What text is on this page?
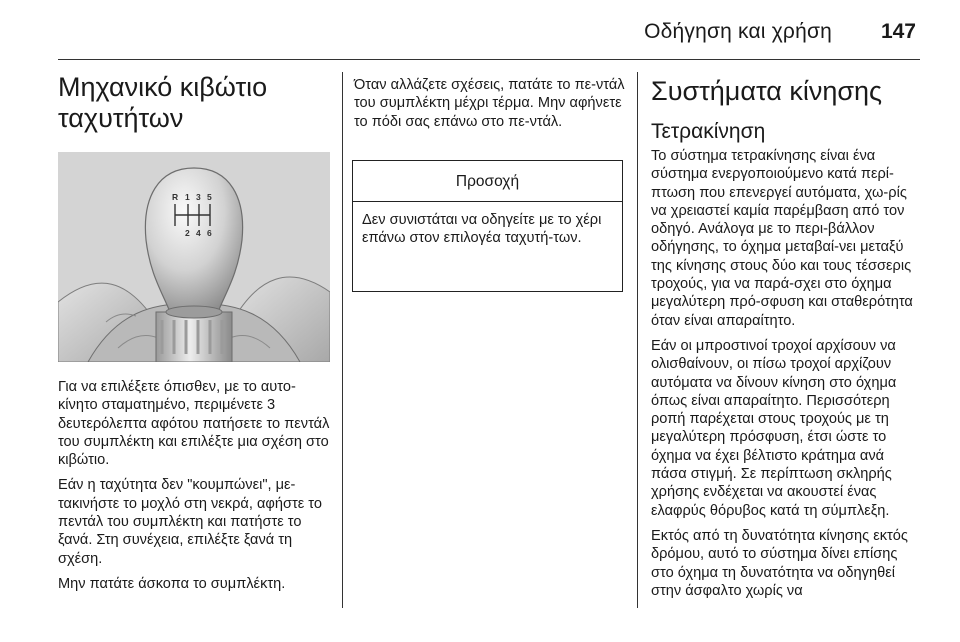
Οδήγηση και χρήση 147
Μηχανικό κιβώτιο
ταχυτήτων
R 1 3 5
2 4 6

Για να επιλέξετε όπισθεν, με το αυτο-κίνητο σταματημένο, περιμένετε 3 δευτερόλεπτα αφότου πατήσετε το πεντάλ του συμπλέκτη και επιλέξτε μια σχέση στο κιβώτιο.

Εάν η ταχύτητα δεν "κουμπώνει", με-τακινήστε το μοχλό στη νεκρά, αφήστε το πεντάλ του συμπλέκτη και πατήστε το ξανά. Στη συνέχεια, επιλέξτε ξανά τη σχέση.

Μην πατάτε άσκοπα το συμπλέκτη.

Όταν αλλάζετε σχέσεις, πατάτε το πε-ντάλ του συμπλέκτη μέχρι τέρμα. Μην αφήνετε το πόδι σας επάνω στο πε-ντάλ.

Προσοχή
Δεν συνιστάται να οδηγείτε με το χέρι επάνω στον επιλογέα ταχυτή-των.
Συστήματα κίνησης
Τετρακίνηση

Το σύστημα τετρακίνησης είναι ένα σύστημα ενεργοποιούμενο κατά περί-πτωση που επενεργεί αυτόματα, χω-ρίς να χρειαστεί καμία παρέμβαση από τον οδηγό. Ανάλογα με το περι-βάλλον οδήγησης, το όχημα μεταβαί-νει μεταξύ της κίνησης στους δύο και τους τέσσερις τροχούς, για να παρά-σχει στο όχημα μεγαλύτερη πρό-σφυση και σταθερότητα όταν είναι απαραίτητο.

Εάν οι μπροστινοί τροχοί αρχίσουν να ολισθαίνουν, οι πίσω τροχοί αρχίζουν αυτόματα να δίνουν κίνηση στο όχημα όπως είναι απαραίτητο. Περισσότερη ροπή παρέχεται στους τροχούς με τη μεγαλύτερη πρόσφυση, έτσι ώστε το όχημα να έχει βέλτιστο κράτημα ανά πάσα στιγμή. Σε περίπτωση σκληρής χρήσης ενδέχεται να ακουστεί ένας ελαφρύς θόρυβος κατά τη σύμπλεξη.

Εκτός από τη δυνατότητα κίνησης εκτός δρόμου, αυτό το σύστημα δίνει επίσης στο όχημα τη δυνατότητα να οδηγηθεί στην άσφαλτο χωρίς να
